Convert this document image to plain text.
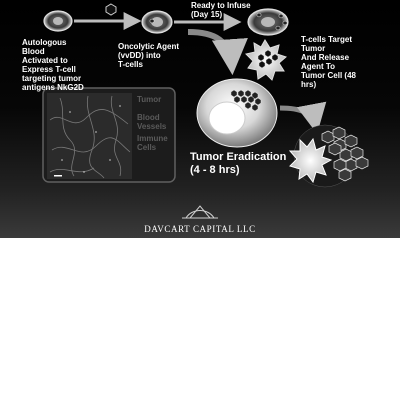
Autologous
Blood
Activated to
Express T-cell
targeting tumor
antigens NkG2D
Oncolytic Agent
(vvDD) into
T-cells
Ready to Infuse
(Day 15)
T-cells Target
Tumor
And Release
Agent To
Tumor Cell (48
hrs)
Tumor
Blood
Vessels
Immune
Cells
Tumor Eradication
(4 - 8 hrs)
DAVCART CAPITAL LLC
